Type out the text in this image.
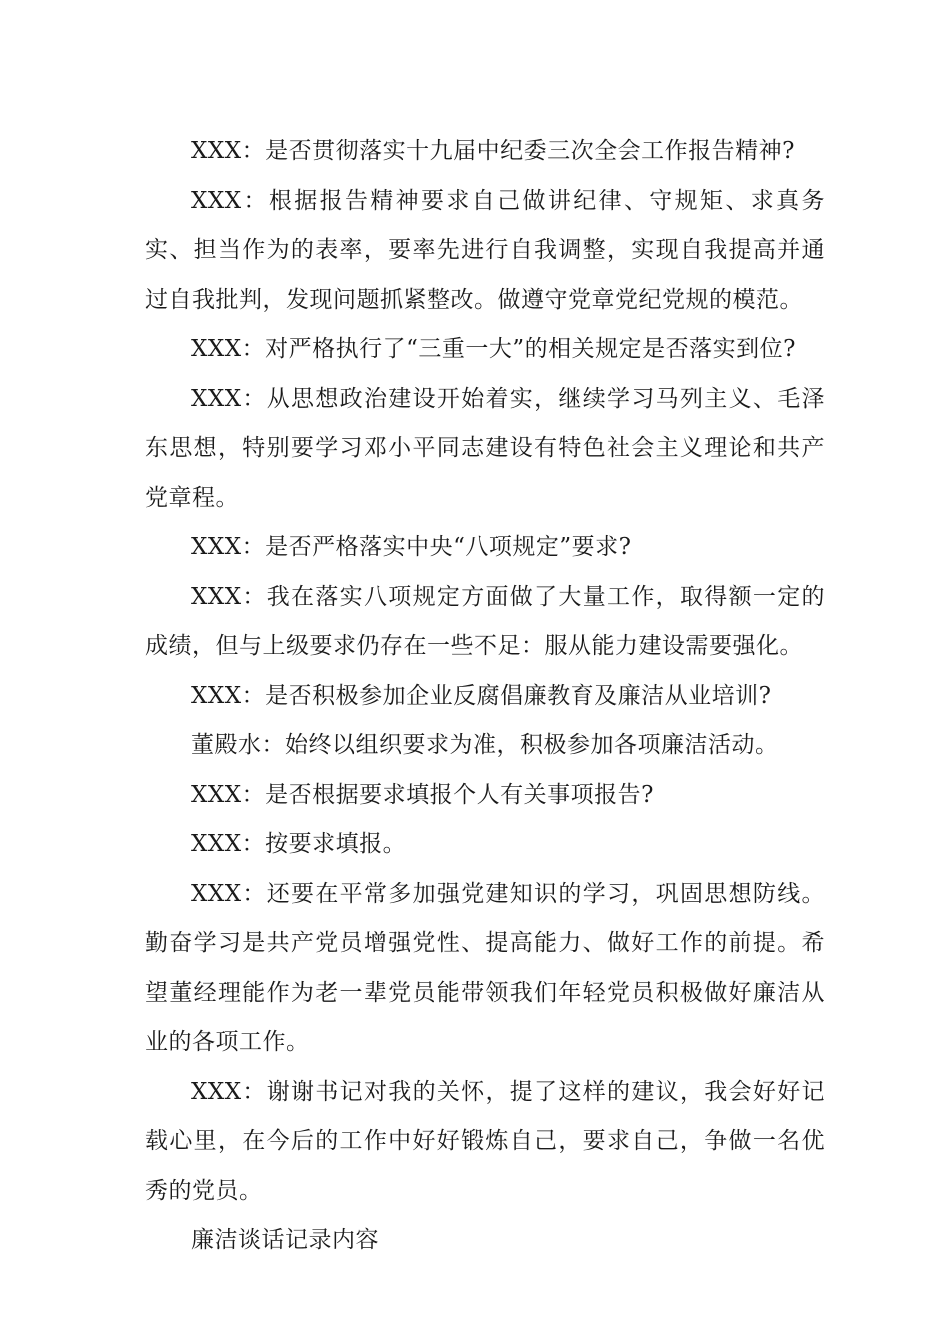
XXX：是否贯彻落实十九届中纪委三次全会工作报告精神?

XXX：根据报告精神要求自己做讲纪律、守规矩、求真务实、担当作为的表率，要率先进行自我调整，实现自我提高并通过自我批判，发现问题抓紧整改。做遵守党章党纪党规的模范。

XXX：对严格执行了“三重一大”的相关规定是否落实到位?

XXX：从思想政治建设开始着实，继续学习马列主义、毛泽东思想，特别要学习邓小平同志建设有特色社会主义理论和共产党章程。

XXX：是否严格落实中央“八项规定”要求?

XXX：我在落实八项规定方面做了大量工作，取得额一定的成绩，但与上级要求仍存在一些不足：服从能力建设需要强化。

XXX：是否积极参加企业反腐倡廉教育及廉洁从业培训?

董殿水：始终以组织要求为准，积极参加各项廉洁活动。

XXX：是否根据要求填报个人有关事项报告?

XXX：按要求填报。

XXX：还要在平常多加强党建知识的学习，巩固思想防线。勤奋学习是共产党员增强党性、提高能力、做好工作的前提。希望董经理能作为老一辈党员能带领我们年轻党员积极做好廉洁从业的各项工作。

XXX：谢谢书记对我的关怀，提了这样的建议，我会好好记载心里，在今后的工作中好好锻炼自己，要求自己，争做一名优秀的党员。

廉洁谈话记录内容
